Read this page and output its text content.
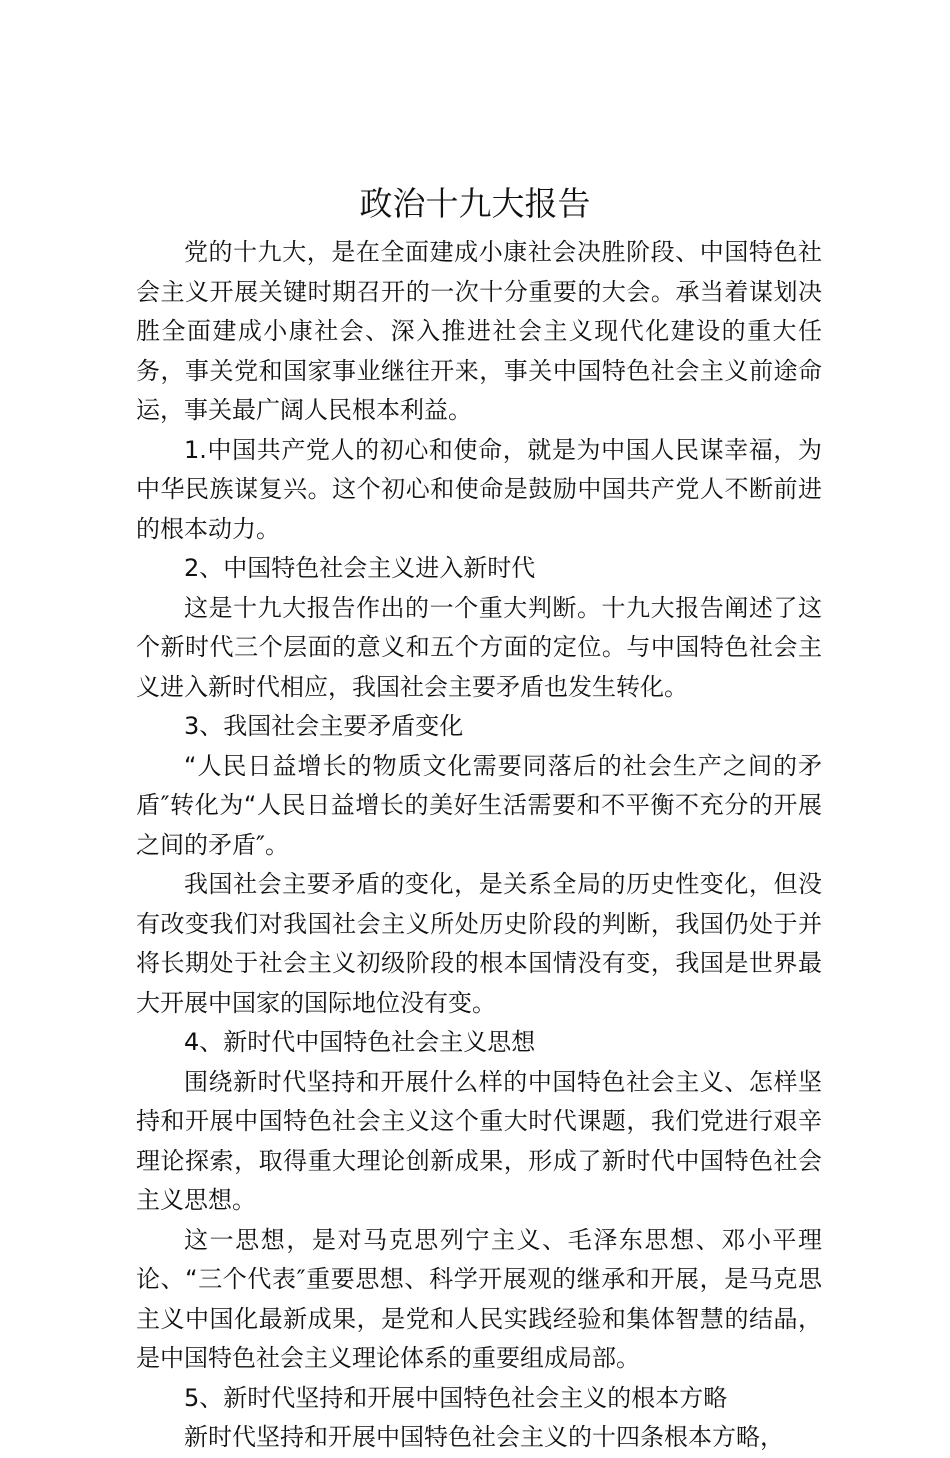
政治十九大报告

党的十九大，是在全面建成小康社会决胜阶段、中国特色社会主义开展关键时期召开的一次十分重要的大会。承当着谋划决胜全面建成小康社会、深入推进社会主义现代化建设的重大任务，事关党和国家事业继往开来，事关中国特色社会主义前途命运，事关最广阔人民根本利益。

1.中国共产党人的初心和使命，就是为中国人民谋幸福，为中华民族谋复兴。这个初心和使命是鼓励中国共产党人不断前进的根本动力。

2、中国特色社会主义进入新时代

这是十九大报告作出的一个重大判断。十九大报告阐述了这个新时代三个层面的意义和五个方面的定位。与中国特色社会主义进入新时代相应，我国社会主要矛盾也发生转化。

3、我国社会主要矛盾变化

“人民日益增长的物质文化需要同落后的社会生产之间的矛盾″转化为“人民日益增长的美好生活需要和不平衡不充分的开展之间的矛盾″。

我国社会主要矛盾的变化，是关系全局的历史性变化，但没有改变我们对我国社会主义所处历史阶段的判断，我国仍处于并将长期处于社会主义初级阶段的根本国情没有变，我国是世界最大开展中国家的国际地位没有变。

4、新时代中国特色社会主义思想

围绕新时代坚持和开展什么样的中国特色社会主义、怎样坚持和开展中国特色社会主义这个重大时代课题，我们党进行艰辛理论探索，取得重大理论创新成果，形成了新时代中国特色社会主义思想。

这一思想，是对马克思列宁主义、毛泽东思想、邓小平理论、“三个代表″重要思想、科学开展观的继承和开展，是马克思主义中国化最新成果，是党和人民实践经验和集体智慧的结晶，是中国特色社会主义理论体系的重要组成局部。

5、新时代坚持和开展中国特色社会主义的根本方略

新时代坚持和开展中国特色社会主义的十四条根本方略，
